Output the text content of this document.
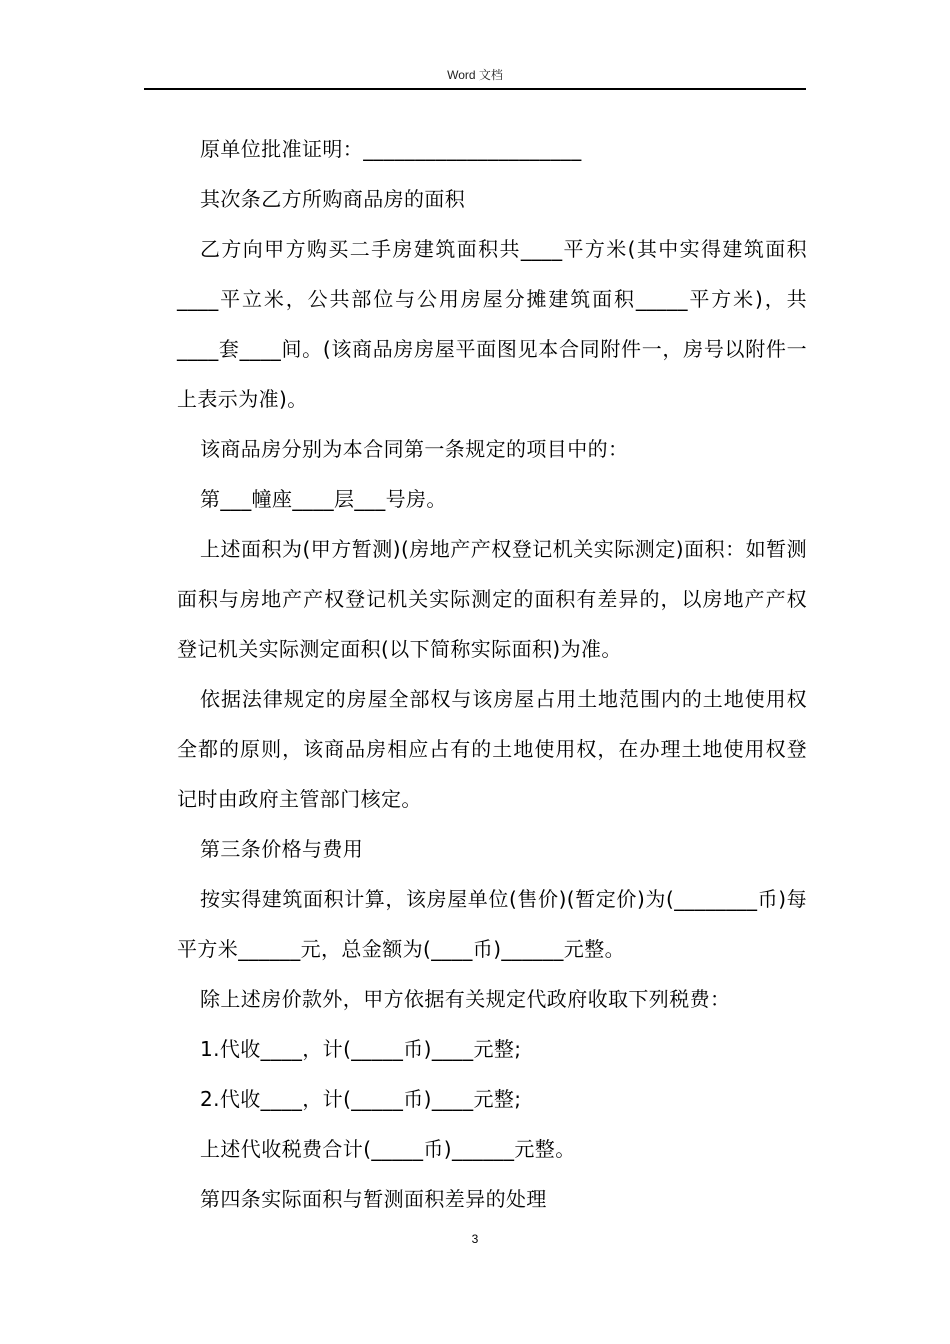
Word 文档

原单位批准证明：_____________________

其次条乙方所购商品房的面积

乙方向甲方购买二手房建筑面积共____平方米(其中实得建筑面积____平立米，公共部位与公用房屋分摊建筑面积_____平方米)，共____套____间。(该商品房房屋平面图见本合同附件一，房号以附件一上表示为准)。

该商品房分别为本合同第一条规定的项目中的：

第___幢座____层___号房。

上述面积为(甲方暂测)(房地产产权登记机关实际测定)面积：如暂测面积与房地产产权登记机关实际测定的面积有差异的，以房地产产权登记机关实际测定面积(以下简称实际面积)为准。

依据法律规定的房屋全部权与该房屋占用土地范围内的土地使用权全都的原则，该商品房相应占有的土地使用权，在办理土地使用权登记时由政府主管部门核定。

第三条价格与费用

按实得建筑面积计算，该房屋单位(售价)(暂定价)为(________币)每平方米______元，总金额为(____币)______元整。

除上述房价款外，甲方依据有关规定代政府收取下列税费：

1.代收____，计(_____币)____元整;

2.代收____，计(_____币)____元整;

上述代收税费合计(_____币)______元整。

第四条实际面积与暂测面积差异的处理

3
